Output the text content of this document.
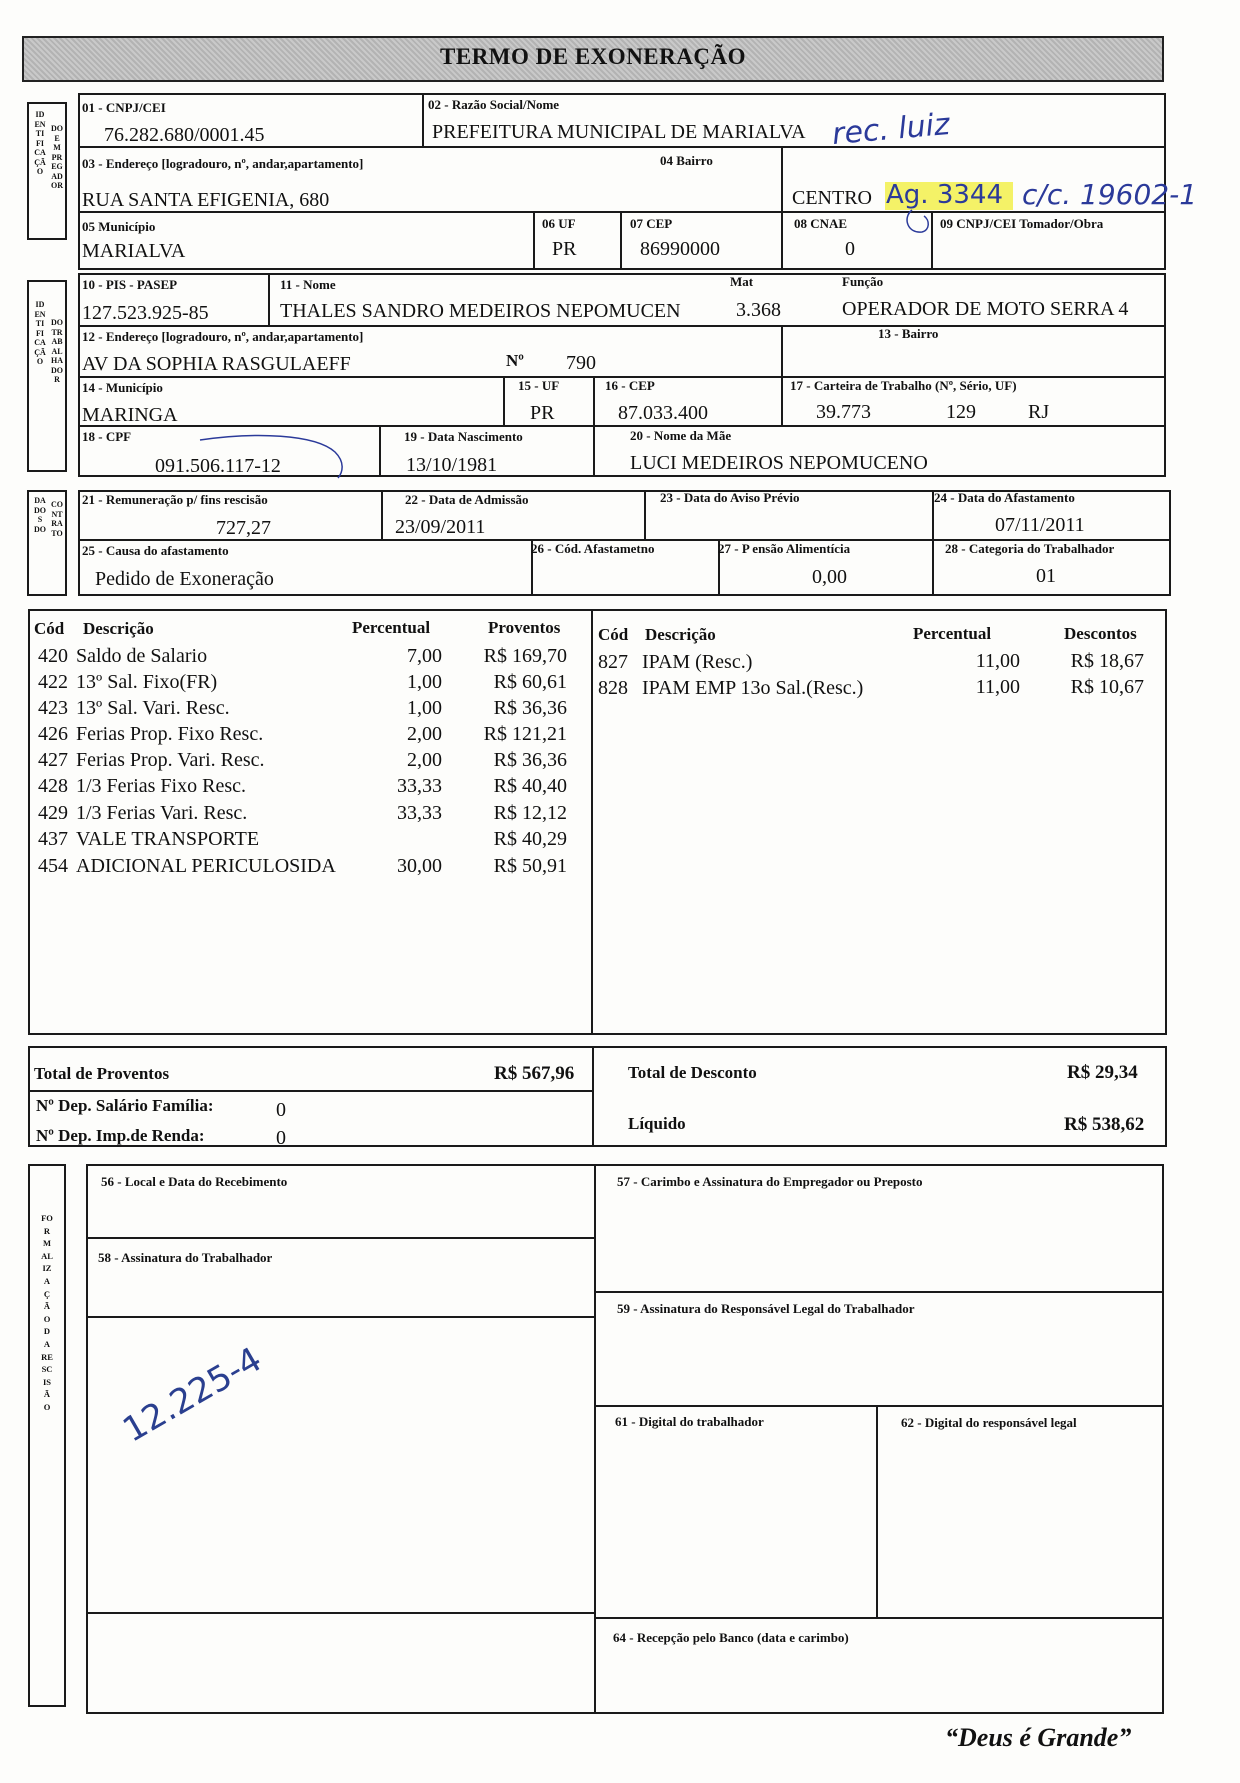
TERMO DE EXONERAÇÃO
IDENTIFICAÇÃO
DO EMPREGADOR
01 - CNPJ/CEI
76.282.680/0001.45
02 - Razão Social/Nome
PREFEITURA MUNICIPAL DE MARIALVA
03 - Endereço [logradouro, nº, andar,apartamento]
RUA SANTA EFIGENIA, 680
04 Bairro
CENTRO
05 Município
MARIALVA
06 UF
PR
07 CEP
86990000
08 CNAE
0
09 CNPJ/CEI Tomador/Obra
IDENTIFICAÇÃO
DO TRABALHADOR
10 - PIS - PASEP
127.523.925-85
11 - Nome
THALES SANDRO MEDEIROS NEPOMUCEN
Mat
3.368
Função
OPERADOR DE MOTO SERRA 4
12 - Endereço [logradouro, nº, andar,apartamento]
AV DA SOPHIA RASGULAEFF	Nº 790
13 - Bairro
14 - Município
MARINGA
15 - UF
PR
16 - CEP
87.033.400
17 - Carteira de Trabalho (Nº, Sério, UF)
39.773	129	RJ
18 - CPF
091.506.117-12
19 - Data Nascimento
13/10/1981
20 - Nome da Mãe
LUCI MEDEIROS NEPOMUCENO
DADOS DO
CONTRATO
21 - Remuneração p/ fins rescisão
727,27
22 - Data de Admissão
23/09/2011
23 - Data do Aviso Prévio	24 - Data do Afastamento
07/11/2011
25 - Causa do afastamento
Pedido de Exoneração
26 - Cód. Afastametno	27 - P ensão Alimentícia
0,00
28 - Categoria do Trabalhador
01
Cód Descrição	Percentual	Proventos
420 Saldo de Salario	7,00	R$ 169,70
422 13º Sal. Fixo(FR)	1,00	R$ 60,61
423 13º Sal. Vari. Resc.	1,00	R$ 36,36
426 Ferias Prop. Fixo Resc.	2,00	R$ 121,21
427 Ferias Prop. Vari. Resc.	2,00	R$ 36,36
428 1/3 Ferias Fixo Resc.	33,33	R$ 40,40
429 1/3 Ferias Vari. Resc.	33,33	R$ 12,12
437 VALE TRANSPORTE	R$ 40,29
454 ADICIONAL PERICULOSIDA	30,00	R$ 50,91
Cód Descrição	Percentual	Descontos
827 IPAM (Resc.)	11,00	R$ 18,67
828 IPAM EMP 13o Sal.(Resc.)	11,00	R$ 10,67
Total de Proventos	R$ 567,96	Total de Desconto	R$ 29,34
Nº Dep. Salário Família:	0
Nº Dep. Imp.de Renda:	0
Líquido	R$ 538,62
FORMALIZAÇÃO DA RESCISÃO
56 - Local e Data do Recebimento	57 - Carimbo e Assinatura do Empregador ou Preposto
58 - Assinatura do Trabalhador
59 - Assinatura do Responsável Legal do Trabalhador
61 - Digital do trabalhador	62 - Digital do responsável legal
64 - Recepção pelo Banco (data e carimbo)
rec. luiz
Ag. 3344 c/c. 19602-1
12.225-4
“Deus é Grande”
